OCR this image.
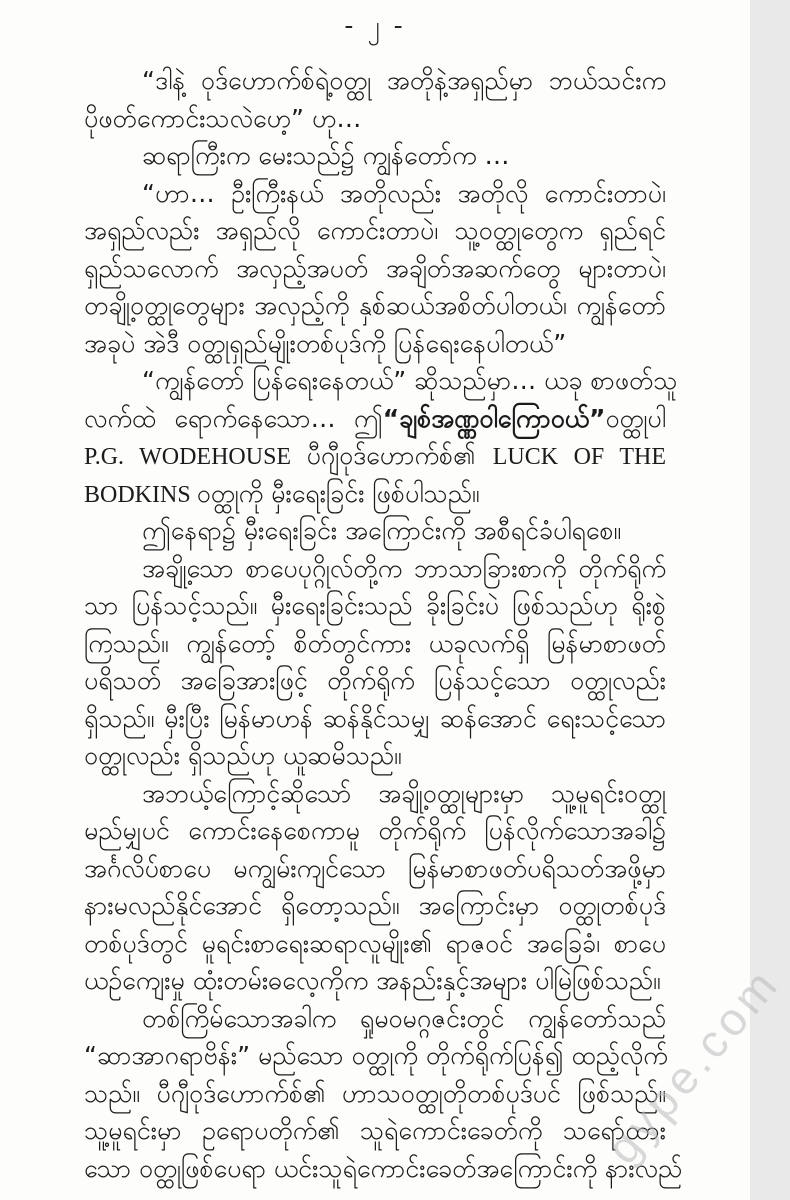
- ၂ -
“ဒါနဲ့ ဝုဒ်ဟောက်စ်ရဲ့ဝတ္ထု အတိုနဲ့အရှည်မှာ ဘယ်သင်းက
ပိုဖတ်ကောင်းသလဲဟေ့” ဟု…
ဆရာကြီးက မေးသည်၌ ကျွန်တော်က …
“ဟာ… ဦးကြီးနယ် အတိုလည်း အတိုလို ကောင်းတာပဲ၊
အရှည်လည်း အရှည်လို ကောင်းတာပဲ၊ သူ့ဝတ္ထုတွေက ရှည်ရင်
ရှည်သလောက် အလှည့်အပတ် အချိတ်အဆက်တွေ များတာပဲ၊
တချို့ဝတ္ထုတွေများ အလှည့်ကို နှစ်ဆယ်အစိတ်ပါတယ်၊ ကျွန်တော်
အခုပဲ အဲဒီ ဝတ္ထုရှည်မျိုးတစ်ပုဒ်ကို ပြန်ရေးနေပါတယ်”
“ကျွန်တော် ပြန်ရေးနေတယ်” ဆိုသည်မှာ… ယခု စာဖတ်သူ
လက်ထဲ ရောက်နေသော… ဤ“ချစ်အဏ္ဏဝါကြောဝယ်”ဝတ္ထုပါ
P.G. WODEHOUSE ပီဂျီဝုဒ်ဟောက်စ်၏ LUCK OF THE
BODKINS ဝတ္ထုကို မှီးရေးခြင်း ဖြစ်ပါသည်။
ဤနေရာ၌ မှီးရေးခြင်း အကြောင်းကို အစီရင်ခံပါရစေ။
အချို့သော စာပေပုဂ္ဂိုလ်တို့က ဘာသာခြားစာကို တိုက်ရိုက်
သာ ပြန်သင့်သည်။ မှီးရေးခြင်းသည် ခိုးခြင်းပဲ ဖြစ်သည်ဟု ရိုးစွဲ
ကြသည်။ ကျွန်တော့် စိတ်တွင်ကား ယခုလက်ရှိ မြန်မာစာဖတ်
ပရိသတ် အခြေအားဖြင့် တိုက်ရိုက် ပြန်သင့်သော ဝတ္ထုလည်း
ရှိသည်။ မှီးပြီး မြန်မာဟန် ဆန်နိုင်သမျှ ဆန်အောင် ရေးသင့်သော
ဝတ္ထုလည်း ရှိသည်ဟု ယူဆမိသည်။
အဘယ့်ကြောင့်ဆိုသော် အချို့ဝတ္ထုများမှာ သူ့မူရင်းဝတ္ထု
မည်မျှပင် ကောင်းနေစေကာမူ တိုက်ရိုက် ပြန်လိုက်သောအခါ၌
အင်္ဂလိပ်စာပေ မကျွမ်းကျင်သော မြန်မာစာဖတ်ပရိသတ်အဖို့မှာ
နားမလည်နိုင်အောင် ရှိတော့သည်။ အကြောင်းမှာ ဝတ္ထုတစ်ပုဒ်
တစ်ပုဒ်တွင် မူရင်းစာရေးဆရာလူမျိုး၏ ရာဇဝင် အခြေခံ၊ စာပေ
ယဉ်ကျေးမှု ထုံးတမ်းဓလေ့ကိုက အနည်းနှင့်အများ ပါမြဲဖြစ်သည်။
တစ်ကြိမ်သောအခါက ရှုမဝမဂ္ဂဇင်းတွင် ကျွန်တော်သည်
“ဆာအာဂရာဗိန်း” မည်သော ဝတ္ထုကို တိုက်ရိုက်ပြန်၍ ထည့်လိုက်
သည်။ ပီဂျီဝုဒ်ဟောက်စ်၏ ဟာသဝတ္ထုတိုတစ်ပုဒ်ပင် ဖြစ်သည်။
သူ့မူရင်းမှာ ဥရောပတိုက်၏ သူရဲကောင်းခေတ်ကို သရော်ထား
သော ဝတ္ထုဖြစ်ပေရာ ယင်းသူရဲကောင်းခေတ်အကြောင်းကို နားလည်
gype.com
